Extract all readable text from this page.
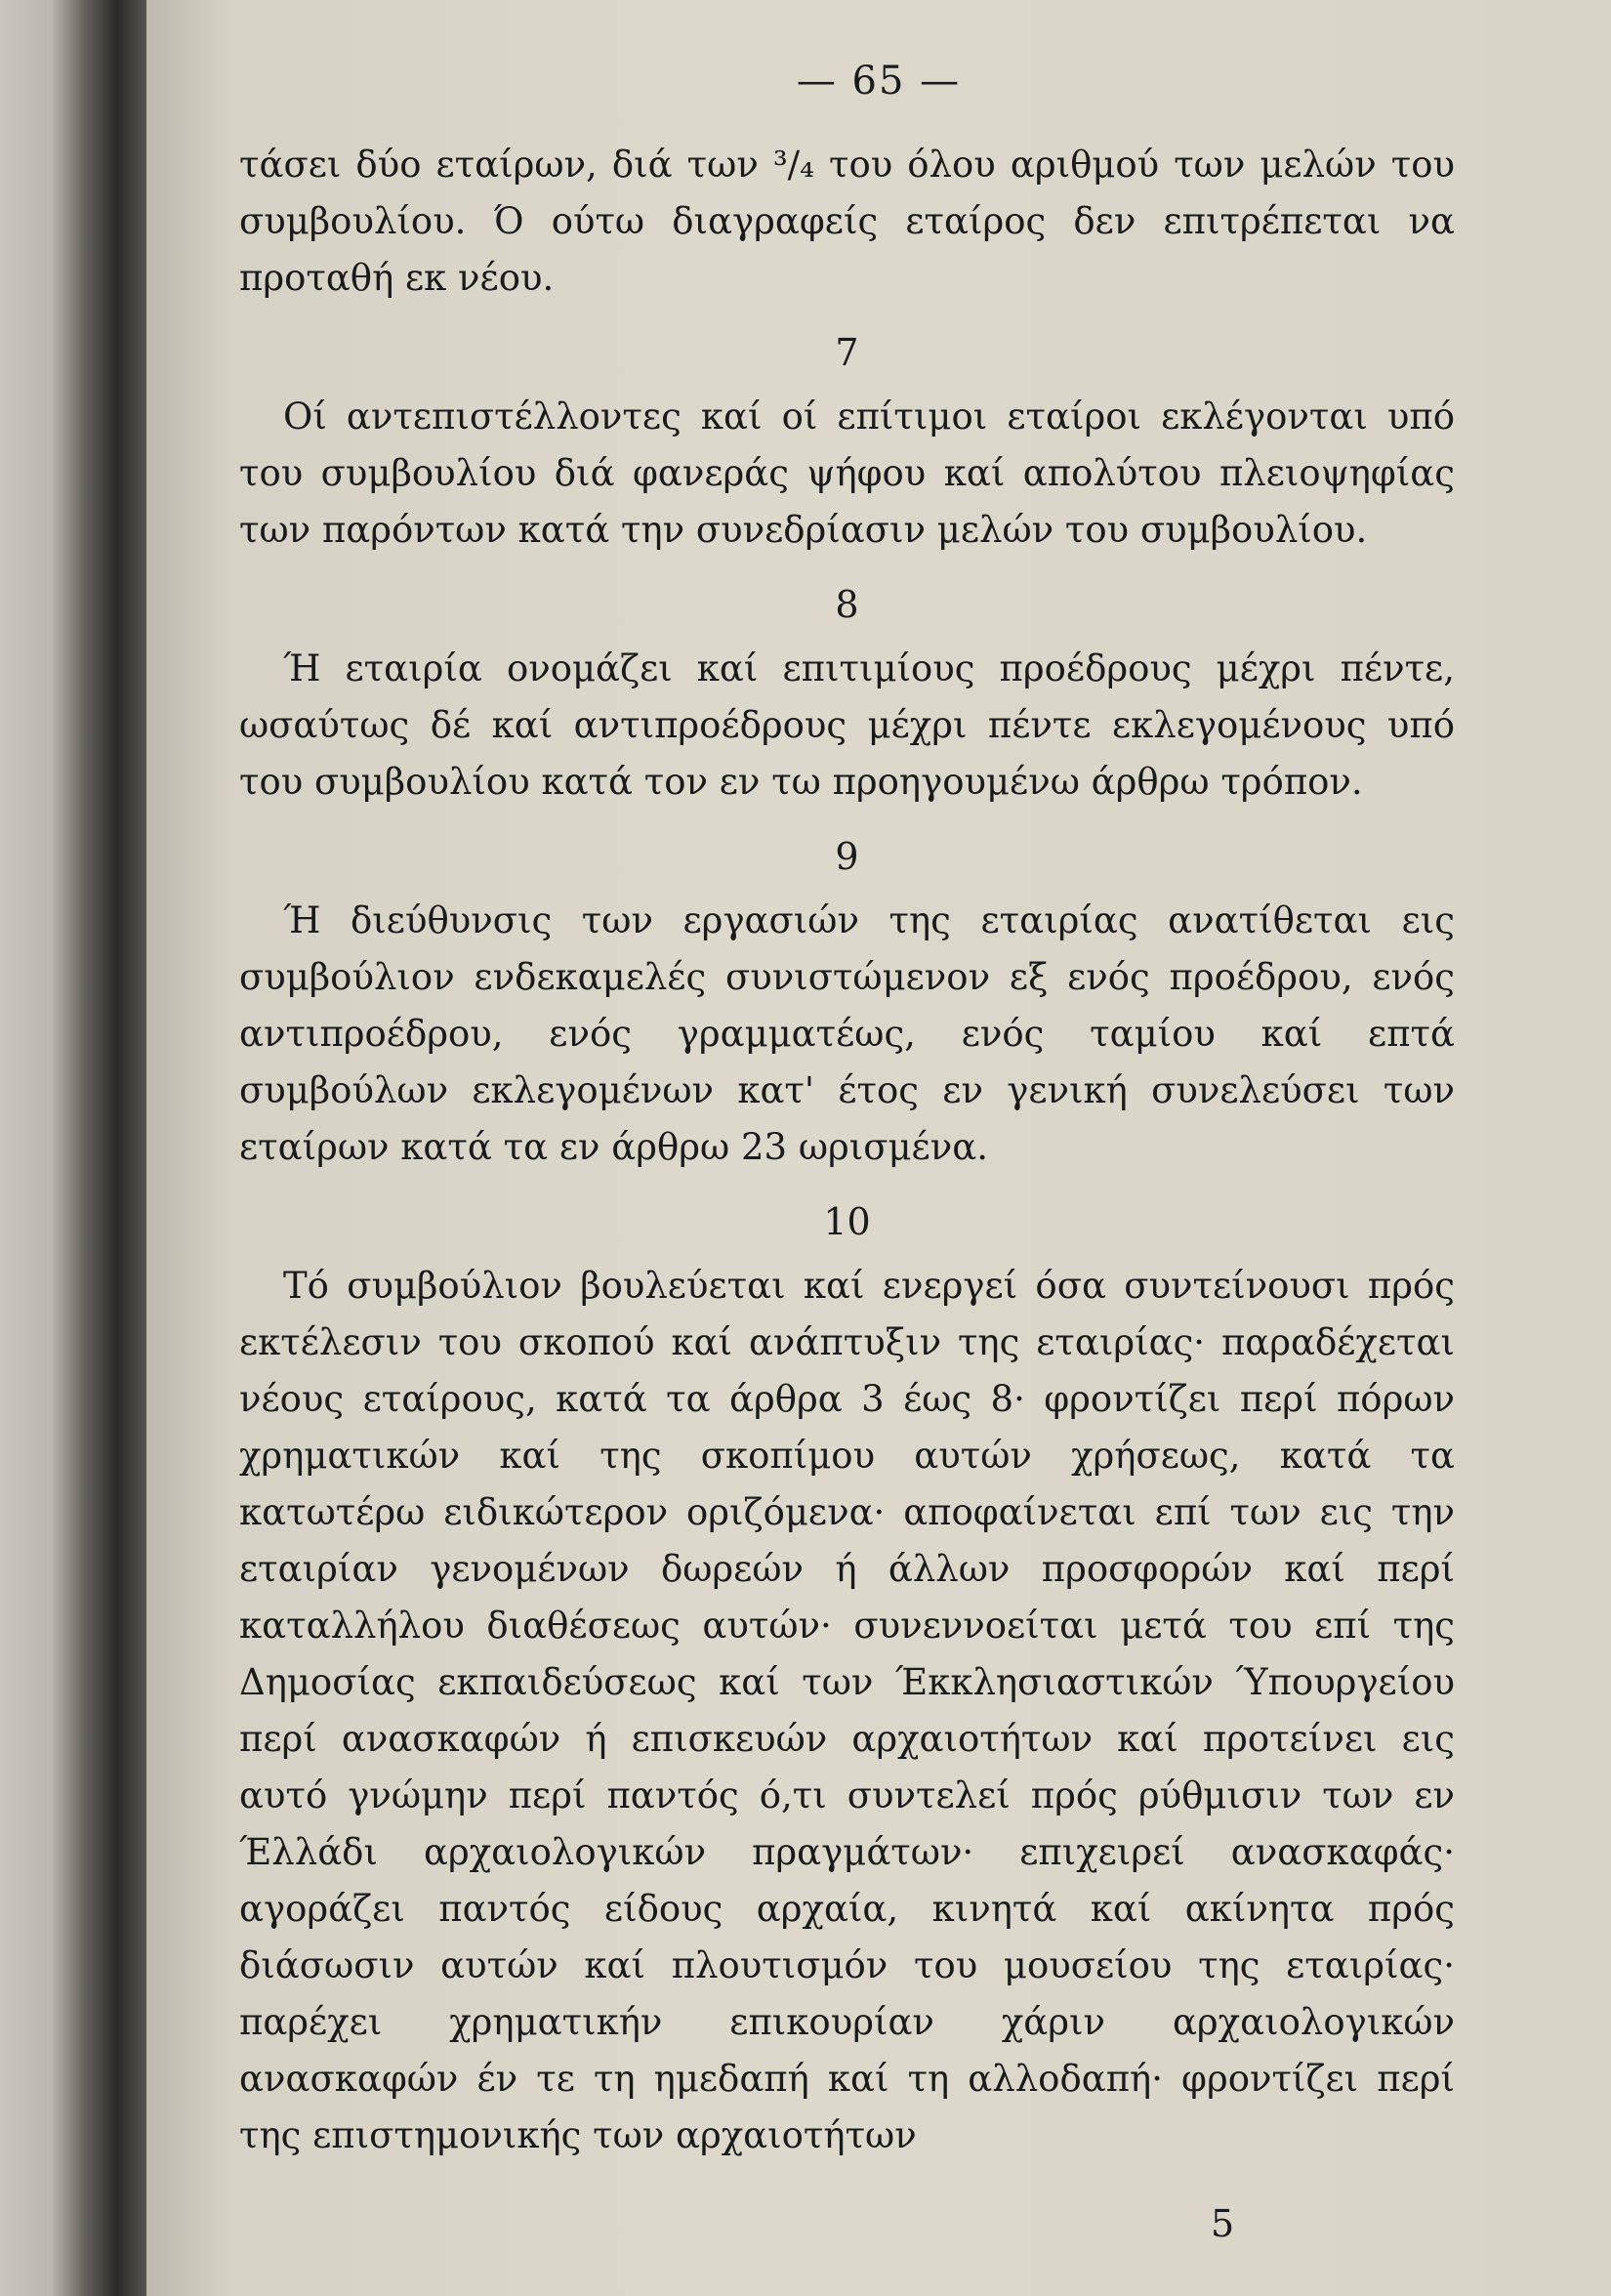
— 65 —

τάσει δύο εταίρων, διά των ³/₄ του όλου αριθμού των μελών του συμβουλίου. Ό ούτω διαγραφείς εταίρος δεν επιτρέπεται να προταθή εκ νέου.

7

Οί αντεπιστέλλοντες καί οί επίτιμοι εταίροι εκλέγονται υπό του συμβουλίου διά φανεράς ψήφου καί απολύτου πλειοψηφίας των παρόντων κατά την συνεδρίασιν μελών του συμβουλίου.

8

Ή εταιρία ονομάζει καί επιτιμίους προέδρους μέχρι πέντε, ωσαύτως δέ καί αντιπροέδρους μέχρι πέντε εκλεγομένους υπό του συμβουλίου κατά τον εν τω προηγουμένω άρθρω τρόπον.

9

Ή διεύθυνσις των εργασιών της εταιρίας ανατίθεται εις συμβούλιον ενδεκαμελές συνιστώμενον εξ ενός προέδρου, ενός αντιπροέδρου, ενός γραμματέως, ενός ταμίου καί επτά συμβούλων εκλεγομένων κατ' έτος εν γενική συνελεύσει των εταίρων κατά τα εν άρθρω 23 ωρισμένα.

10

Τό συμβούλιον βουλεύεται καί ενεργεί όσα συντείνουσι πρός εκτέλεσιν του σκοπού καί ανάπτυξιν της εταιρίας· παραδέχεται νέους εταίρους, κατά τα άρθρα 3 έως 8· φροντίζει περί πόρων χρηματικών καί της σκοπίμου αυτών χρήσεως, κατά τα κατωτέρω ειδικώτερον οριζόμενα· αποφαίνεται επί των εις την εταιρίαν γενομένων δωρεών ή άλλων προσφορών καί περί καταλλήλου διαθέσεως αυτών· συνεννοείται μετά του επί της Δημοσίας εκπαιδεύσεως καί των Έκκλησιαστικών Ύπουργείου περί ανασκαφών ή επισκευών αρχαιοτήτων καί προτείνει εις αυτό γνώμην περί παντός ό,τι συντελεί πρός ρύθμισιν των εν Έλλάδι αρχαιολογικών πραγμάτων· επιχειρεί ανασκαφάς· αγοράζει παντός είδους αρχαία, κινητά καί ακίνητα πρός διάσωσιν αυτών καί πλουτισμόν του μουσείου της εταιρίας· παρέχει χρηματικήν επικουρίαν χάριν αρχαιολογικών ανασκαφών έν τε τη ημεδαπή καί τη αλλοδαπή· φροντίζει περί της επιστημονικής των αρχαιοτήτων

5
